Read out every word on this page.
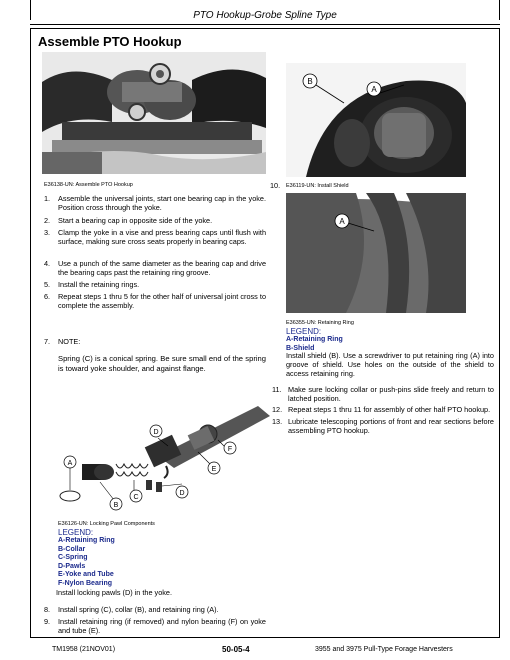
PTO Hookup-Grobe Spline Type
Assemble PTO Hookup
E36138-UN: Assemble PTO Hookup	10.
B
A
E36119-UN: Install Shield
A
E36355-UN: Retaining Ring
LEGEND:
A-Retaining Ring
B-Shield
Install shield (B). Use a screwdriver to put retaining ring (A) into groove of shield. Use holes on the outside of the shield to access retaining ring.
11. Make sure locking collar or push-pins slide freely and return to latched position.
12. Repeat steps 1 thru 11 for assembly of other half PTO hookup.
13. Lubricate telescoping portions of front and rear sections before assembling PTO hookup.
1. Assemble the universal joints, start one bearing cap in the yoke. Position cross through the yoke.
2. Start a bearing cap in opposite side of the yoke.
3. Clamp the yoke in a vise and press bearing caps until flush with surface, making sure cross seats properly in bearing caps.
4. Use a punch of the same diameter as the bearing cap and drive the bearing caps past the retaining ring groove.
5. Install the retaining rings.
6. Repeat steps 1 thru 5 for the other half of universal joint cross to complete the assembly.
7. NOTE:
Spring (C) is a conical spring. Be sure small end of the spring is toward yoke shoulder, and against flange.
D
F
A
C
E
B
D
E36126-UN: Locking Pawl Components
LEGEND:
A-Retaining Ring
B-Collar
C-Spring
D-Pawls
E-Yoke and Tube
F-Nylon Bearing
Install locking pawls (D) in the yoke.
8. Install spring (C), collar (B), and retaining ring (A).
9. Install retaining ring (if removed) and nylon bearing (F) on yoke and tube (E).
TM1958 (21NOV01)	50-05-4	3955 and 3975 Pull-Type Forage Harvesters
